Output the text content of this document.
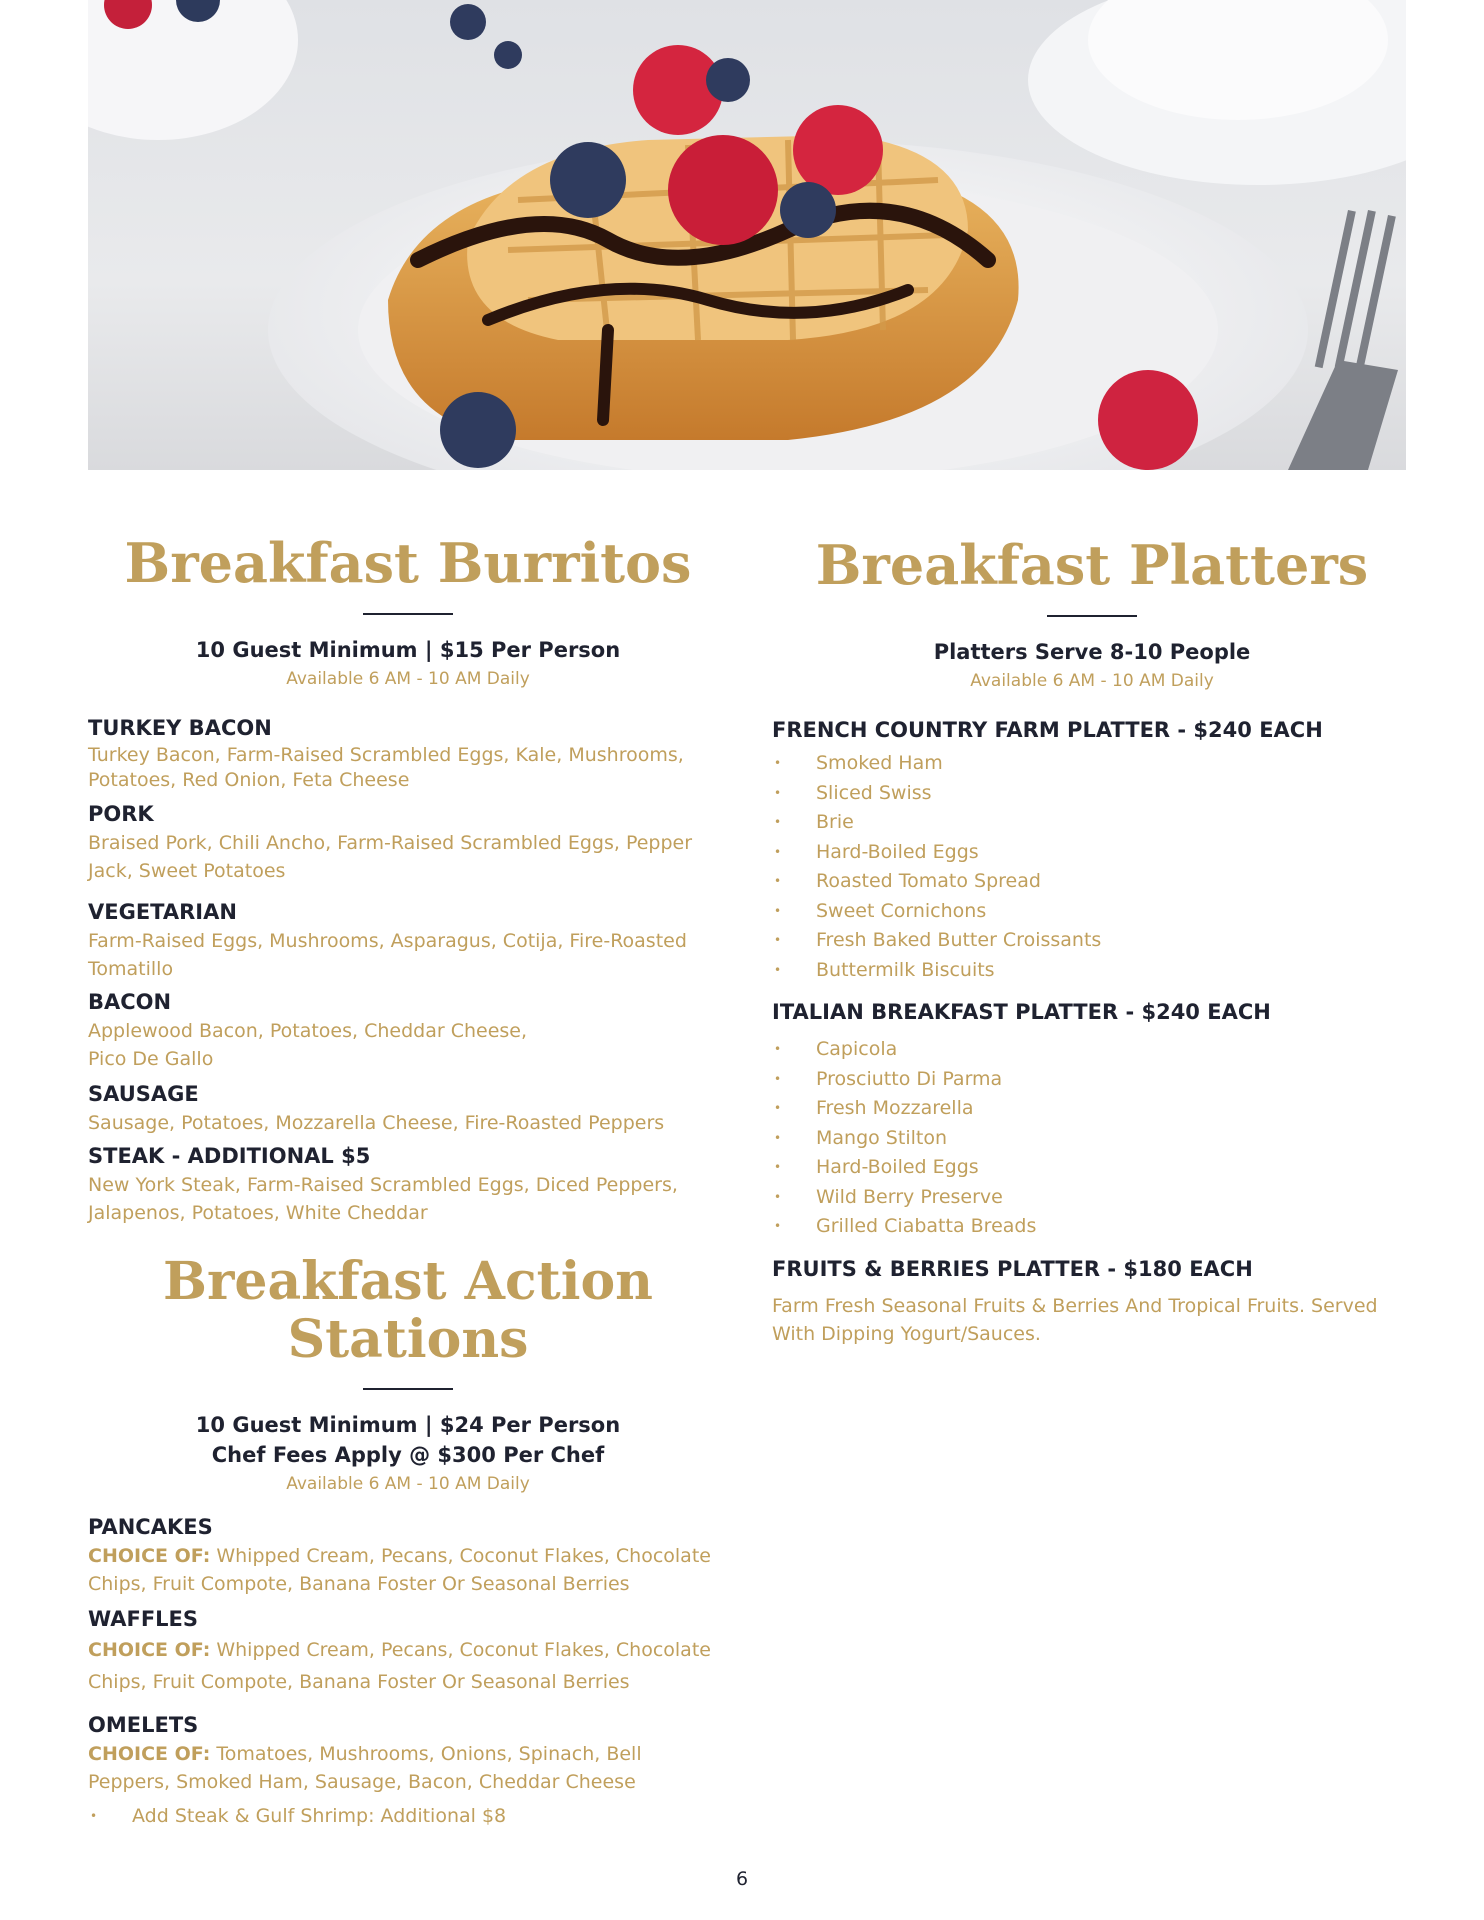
Breakfast Burritos
10 Guest Minimum | $15 Per Person
Available 6 AM - 10 AM Daily
TURKEY BACON
Turkey Bacon, Farm-Raised Scrambled Eggs, Kale, Mushrooms, Potatoes, Red Onion, Feta Cheese
PORK
Braised Pork, Chili Ancho, Farm-Raised Scrambled Eggs, Pepper Jack, Sweet Potatoes
VEGETARIAN
Farm-Raised Eggs, Mushrooms, Asparagus, Cotija, Fire-Roasted Tomatillo
BACON
Applewood Bacon, Potatoes, Cheddar Cheese, Pico De Gallo
SAUSAGE
Sausage, Potatoes, Mozzarella Cheese, Fire-Roasted Peppers
STEAK - ADDITIONAL $5
New York Steak, Farm-Raised Scrambled Eggs, Diced Peppers, Jalapenos, Potatoes, White Cheddar
Breakfast Action Stations
10 Guest Minimum | $24 Per Person
Chef Fees Apply @ $300 Per Chef
Available 6 AM - 10 AM Daily
PANCAKES
CHOICE OF: Whipped Cream, Pecans, Coconut Flakes, Chocolate Chips, Fruit Compote, Banana Foster Or Seasonal Berries
WAFFLES
CHOICE OF: Whipped Cream, Pecans, Coconut Flakes, Chocolate Chips, Fruit Compote, Banana Foster Or Seasonal Berries
OMELETS
CHOICE OF: Tomatoes, Mushrooms, Onions, Spinach, Bell Peppers, Smoked Ham, Sausage, Bacon, Cheddar Cheese
• Add Steak & Gulf Shrimp: Additional $8
Breakfast Platters
Platters Serve 8-10 People
Available 6 AM - 10 AM Daily
FRENCH COUNTRY FARM PLATTER - $240 EACH
• Smoked Ham
• Sliced Swiss
• Brie
• Hard-Boiled Eggs
• Roasted Tomato Spread
• Sweet Cornichons
• Fresh Baked Butter Croissants
• Buttermilk Biscuits
ITALIAN BREAKFAST PLATTER - $240 EACH
• Capicola
• Prosciutto Di Parma
• Fresh Mozzarella
• Mango Stilton
• Hard-Boiled Eggs
• Wild Berry Preserve
• Grilled Ciabatta Breads
FRUITS & BERRIES PLATTER - $180 EACH
Farm Fresh Seasonal Fruits & Berries And Tropical Fruits. Served With Dipping Yogurt/Sauces.
6
